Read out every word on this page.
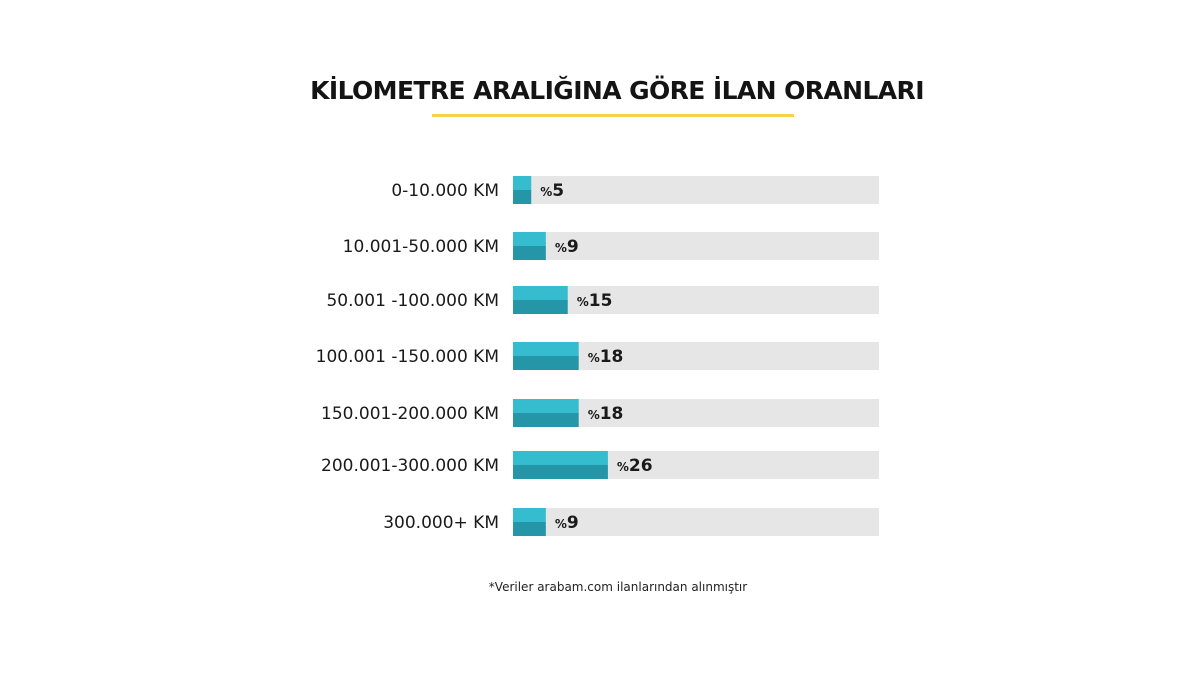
KİLOMETRE ARALIĞINA GÖRE İLAN ORANLARI
0-10.000 KM	%5
10.001-50.000 KM	%9
50.001 -100.000 KM	%15
100.001 -150.000 KM	%18
150.001-200.000 KM	%18
200.001-300.000 KM	%26
300.000+ KM	%9
*Veriler arabam.com ilanlarından alınmıştır
